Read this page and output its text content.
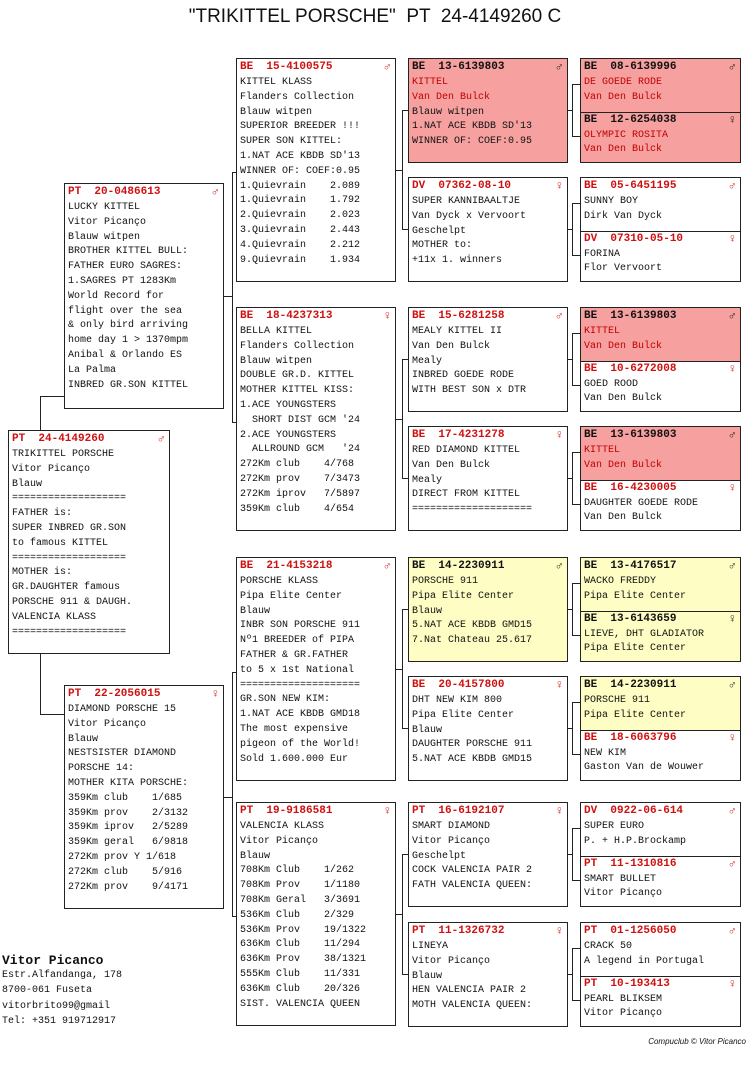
"TRIKITTEL PORSCHE"  PT  24-4149260 C
PT  24-4149260	♂
TRIKITTEL PORSCHE
Vitor Picanço
Blauw
===================
FATHER is:
SUPER INBRED GR.SON
to famous KITTEL
===================
MOTHER is:
GR.DAUGHTER famous
PORSCHE 911 & DAUGH.
VALENCIA KLASS
===================
PT  20-0486613	♂
LUCKY KITTEL
Vitor Picanço
Blauw witpen
BROTHER KITTEL BULL:
FATHER EURO SAGRES:
1.SAGRES PT 1283Km
World Record for
flight over the sea
& only bird arriving
home day 1 > 1370mpm
Anibal & Orlando ES
La Palma
INBRED GR.SON KITTEL
PT  22-2056015	♀
DIAMOND PORSCHE 15
Vitor Picanço
Blauw
NESTSISTER DIAMOND
PORSCHE 14:
MOTHER KITA PORSCHE:
359Km club    1/685
359Km prov    2/3132
359Km iprov   2/5289
359Km geral   6/9818
272Km prov Y 1/618
272Km club    5/916
272Km prov    9/4171
BE  15-4100575	♂
KITTEL KLASS
Flanders Collection
Blauw witpen
SUPERIOR BREEDER !!!
SUPER SON KITTEL:
1.NAT ACE KBDB SD'13
WINNER OF: COEF:0.95
1.Quievrain    2.089
1.Quievrain    1.792
2.Quievrain    2.023
3.Quievrain    2.443
4.Quievrain    2.212
9.Quievrain    1.934
BE  18-4237313	♀
BELLA KITTEL
Flanders Collection
Blauw witpen
DOUBLE GR.D. KITTEL
MOTHER KITTEL KISS:
1.ACE YOUNGSTERS
SHORT DIST GCM '24
2.ACE YOUNGSTERS
ALLROUND GCM   '24
272Km club    4/768
272Km prov    7/3473
272Km iprov   7/5897
359Km club    4/654
BE  21-4153218	♂
PORSCHE KLASS
Pipa Elite Center
Blauw
INBR SON PORSCHE 911
Nº1 BREEDER of PIPA
FATHER & GR.FATHER
to 5 x 1st National
====================
GR.SON NEW KIM:
1.NAT ACE KBDB GMD18
The most expensive
pigeon of the World!
Sold 1.600.000 Eur
PT  19-9186581	♀
VALENCIA KLASS
Vitor Picanço
Blauw
708Km Club    1/262
708Km Prov    1/1180
708Km Geral   3/3691
536Km Club    2/329
536Km Prov    19/1322
636Km Club    11/294
636Km Prov    38/1321
555Km Club    11/331
636Km Club    20/326
SIST. VALENCIA QUEEN
BE  13-6139803	♂
KITTEL
Van Den Bulck
Blauw witpen
1.NAT ACE KBDB SD'13
WINNER OF: COEF:0.95
DV  07362-08-10	♀
SUPER KANNIBAALTJE
Van Dyck x Vervoort
Geschelpt
MOTHER to:
+11x 1. winners
BE  15-6281258	♂
MEALY KITTEL II
Van Den Bulck
Mealy
INBRED GOEDE RODE
WITH BEST SON x DTR
BE  17-4231278	♀
RED DIAMOND KITTEL
Van Den Bulck
Mealy
DIRECT FROM KITTEL
====================
BE  14-2230911	♂
PORSCHE 911
Pipa Elite Center
Blauw
5.NAT ACE KBDB GMD15
7.Nat Chateau 25.617
BE  20-4157800	♀
DHT NEW KIM 800
Pipa Elite Center
Blauw
DAUGHTER PORSCHE 911
5.NAT ACE KBDB GMD15
PT  16-6192107	♀
SMART DIAMOND
Vitor Picanço
Geschelpt
COCK VALENCIA PAIR 2
FATH VALENCIA QUEEN:
PT  11-1326732	♀
LINEYA
Vitor Picanço
Blauw
HEN VALENCIA PAIR 2
MOTH VALENCIA QUEEN:
BE  08-6139996	♂
DE GOEDE RODE
Van Den Bulck
BE  12-6254038	♀
OLYMPIC ROSITA
Van Den Bulck
BE  05-6451195	♂
SUNNY BOY
Dirk Van Dyck
DV  07310-05-10	♀
FORINA
Flor Vervoort
BE  13-6139803	♂
KITTEL
Van Den Bulck
BE  10-6272008	♀
GOED ROOD
Van Den Bulck
BE  13-6139803	♂
KITTEL
Van Den Bulck
BE  16-4230005	♀
DAUGHTER GOEDE RODE
Van Den Bulck
BE  13-4176517	♂
WACKO FREDDY
Pipa Elite Center
BE  13-6143659	♀
LIEVE, DHT GLADIATOR
Pipa Elite Center
BE  14-2230911	♂
PORSCHE 911
Pipa Elite Center
BE  18-6063796	♀
NEW KIM
Gaston Van de Wouwer
DV  0922-06-614	♂
SUPER EURO
P. + H.P.Brockamp
PT  11-1310816	♂
SMART BULLET
Vitor Picanço
PT  01-1256050	♂
CRACK 50
A legend in Portugal
PT  10-193413	♀
PEARL BLIKSEM
Vitor Picanço
Vitor Picanco
Estr.Alfandanga, 178
8700-061 Fuseta
vitorbrito99@gmail
Tel: +351 919712917
Compuclub © Vitor Picanco
